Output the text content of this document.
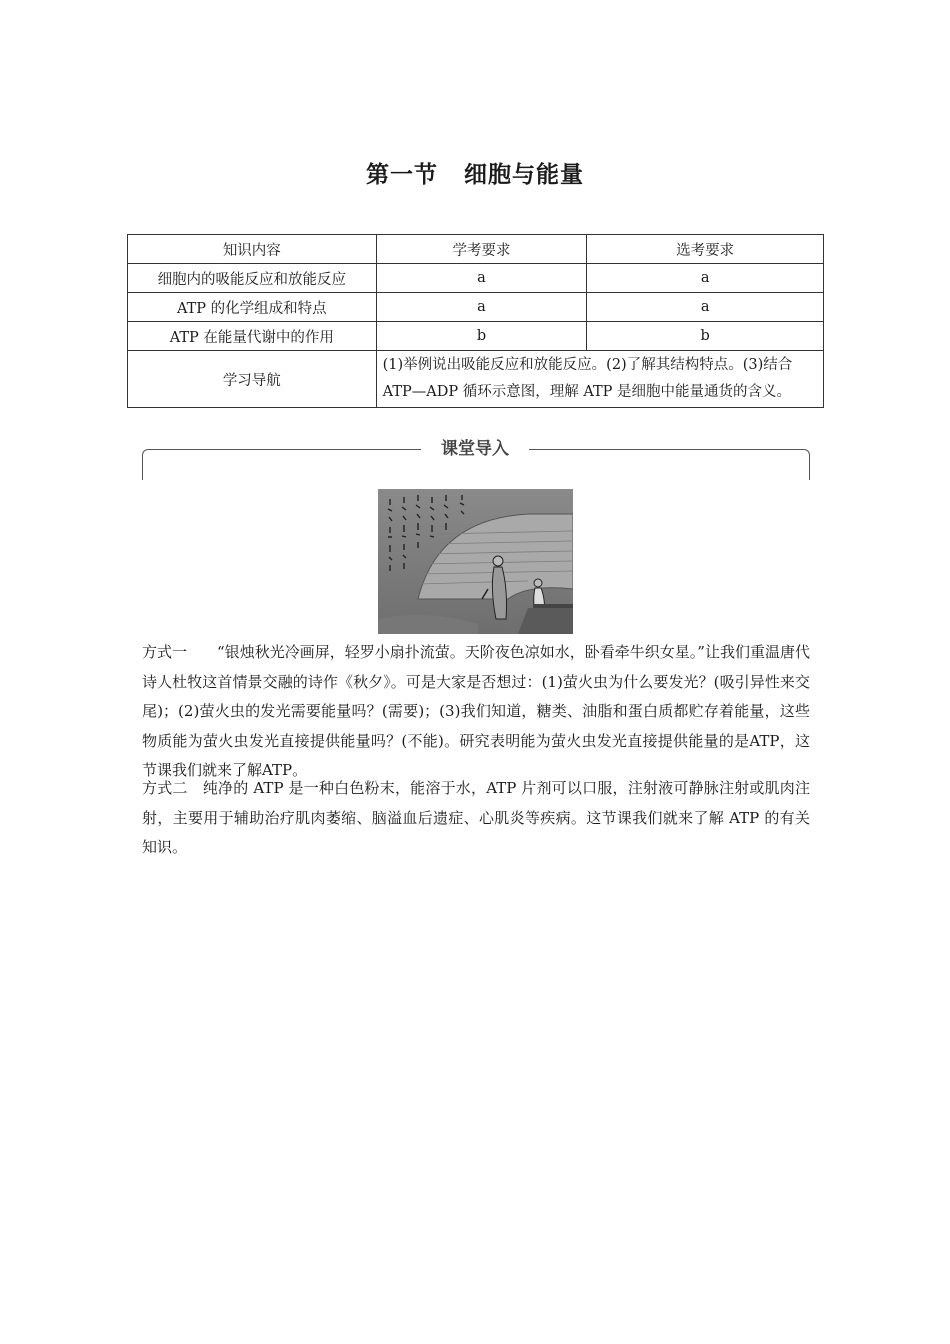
第一节 细胞与能量
知识内容	学考要求	选考要求
细胞内的吸能反应和放能反应	a	a
ATP 的化学组成和特点	a	a
ATP 在能量代谢中的作用	b	b
学习导航	(1)举例说出吸能反应和放能反应。(2)了解其结构特点。(3)结合 ATP—ADP 循环示意图，理解 ATP 是细胞中能量通货的含义。	
课堂导入

方式一 “银烛秋光冷画屏，轻罗小扇扑流萤。天阶夜色凉如水，卧看牵牛织女星。”让我们重温唐代诗人杜牧这首情景交融的诗作《秋夕》。可是大家是否想过：(1)萤火虫为什么要发光？(吸引异性来交尾)；(2)萤火虫的发光需要能量吗？(需要)；(3)我们知道，糖类、油脂和蛋白质都贮存着能量，这些物质能为萤火虫发光直接提供能量吗？(不能)。研究表明能为萤火虫发光直接提供能量的是ATP，这节课我们就来了解ATP。

方式二 纯净的 ATP 是一种白色粉末，能溶于水，ATP 片剂可以口服，注射液可静脉注射或肌肉注射，主要用于辅助治疗肌肉萎缩、脑溢血后遗症、心肌炎等疾病。这节课我们就来了解 ATP 的有关知识。
